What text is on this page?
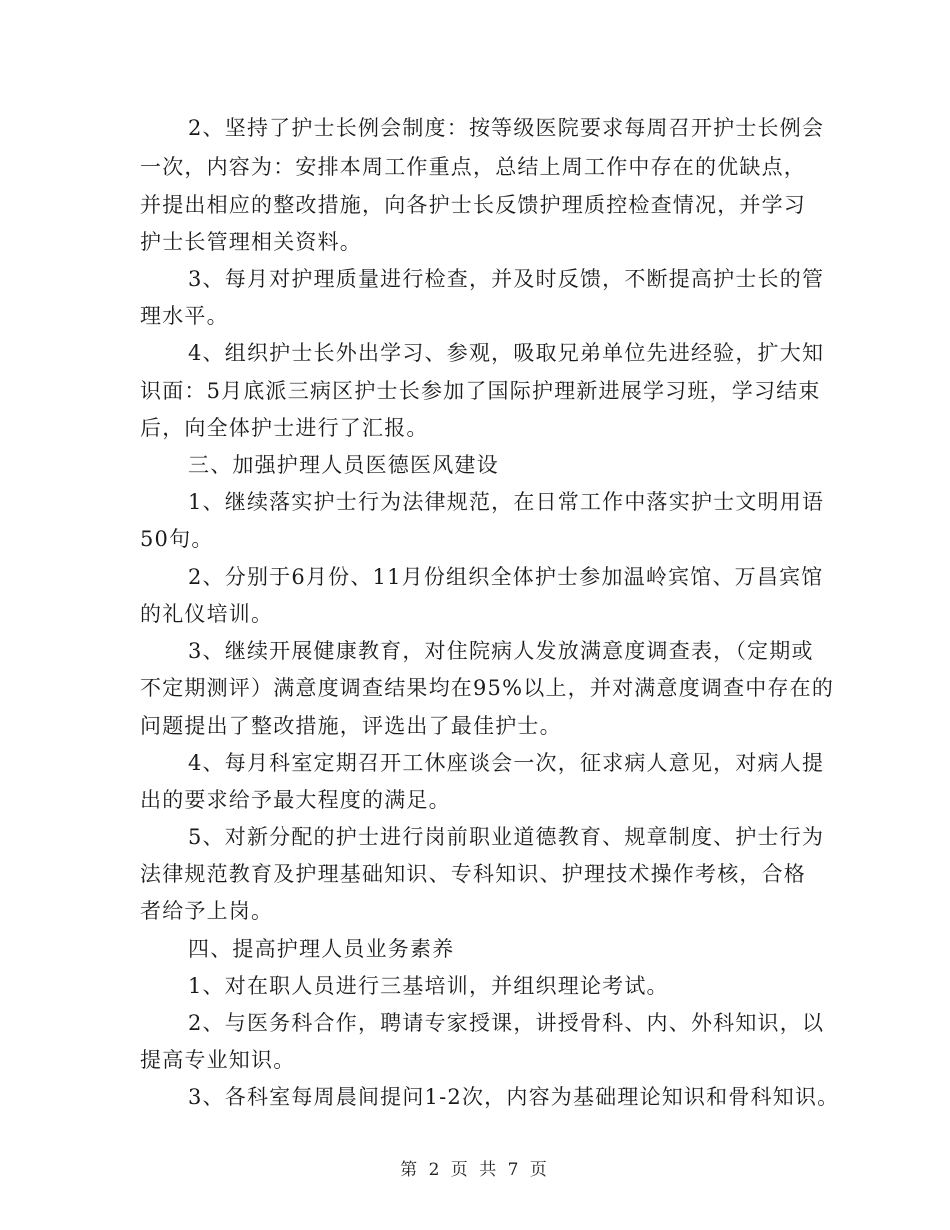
2、坚持了护士长例会制度：按等级医院要求每周召开护士长例会
一次，内容为：安排本周工作重点，总结上周工作中存在的优缺点，
并提出相应的整改措施，向各护士长反馈护理质控检查情况，并学习
护士长管理相关资料。
3、每月对护理质量进行检查，并及时反馈，不断提高护士长的管
理水平。
4、组织护士长外出学习、参观，吸取兄弟单位先进经验，扩大知
识面：5月底派三病区护士长参加了国际护理新进展学习班，学习结束
后，向全体护士进行了汇报。
三、加强护理人员医德医风建设
1、继续落实护士行为法律规范，在日常工作中落实护士文明用语
50句。
2、分别于6月份、11月份组织全体护士参加温岭宾馆、万昌宾馆
的礼仪培训。
3、继续开展健康教育，对住院病人发放满意度调查表，（定期或
不定期测评）满意度调查结果均在95%以上，并对满意度调查中存在的
问题提出了整改措施，评选出了最佳护士。
4、每月科室定期召开工休座谈会一次，征求病人意见，对病人提
出的要求给予最大程度的满足。
5、对新分配的护士进行岗前职业道德教育、规章制度、护士行为
法律规范教育及护理基础知识、专科知识、护理技术操作考核，合格
者给予上岗。
四、提高护理人员业务素养
1、对在职人员进行三基培训，并组织理论考试。
2、与医务科合作，聘请专家授课，讲授骨科、内、外科知识，以
提高专业知识。
3、各科室每周晨间提问1-2次，内容为基础理论知识和骨科知识。
第 2 页 共 7 页
